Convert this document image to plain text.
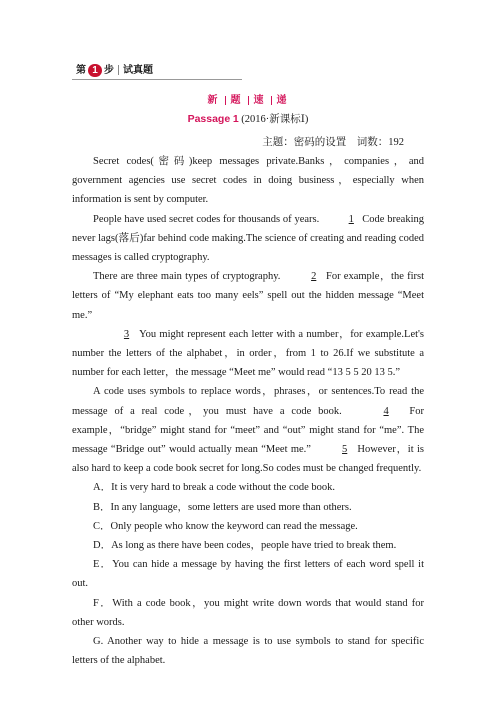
第 1 步 试真题
新 题 速 递
Passage 1 (2016·新课标Ⅰ)
主题：密码的设置　词数：192

Secret codes(密码)keep messages private.Banks，companies，and government agencies use secret codes in doing business，especially when information is sent by computer.

People have used secret codes for thousands of years.	1 Code breaking never lags(落后)far behind code making.The science of creating and reading coded messages is called cryptography.

There are three main types of cryptography.	2 For example，the first letters of “My elephant eats too many eels” spell out the hidden message “Meet me.”

3 You might represent each letter with a number，for example.Let's number the letters of the alphabet，in order，from 1 to 26.If we substitute a number for each letter，the message “Meet me” would read “13 5 5 20 13 5.”

A code uses symbols to replace words，phrases，or sentences.To read the message of a real code，you must have a code book.	4 For example，“bridge” might stand for “meet” and “out” might stand for “me”. The message “Bridge out” would actually mean “Meet me.”	5 However，it is also hard to keep a code book secret for long.So codes must be changed frequently.

A．It is very hard to break a code without the code book.

B．In any language，some letters are used more than others.

C．Only people who know the keyword can read the message.

D．As long as there have been codes，people have tried to break them.

E．You can hide a message by having the first letters of each word spell it out.

F．With a code book，you might write down words that would stand for other words.

G. Another way to hide a message is to use symbols to stand for specific letters of the alphabet.
